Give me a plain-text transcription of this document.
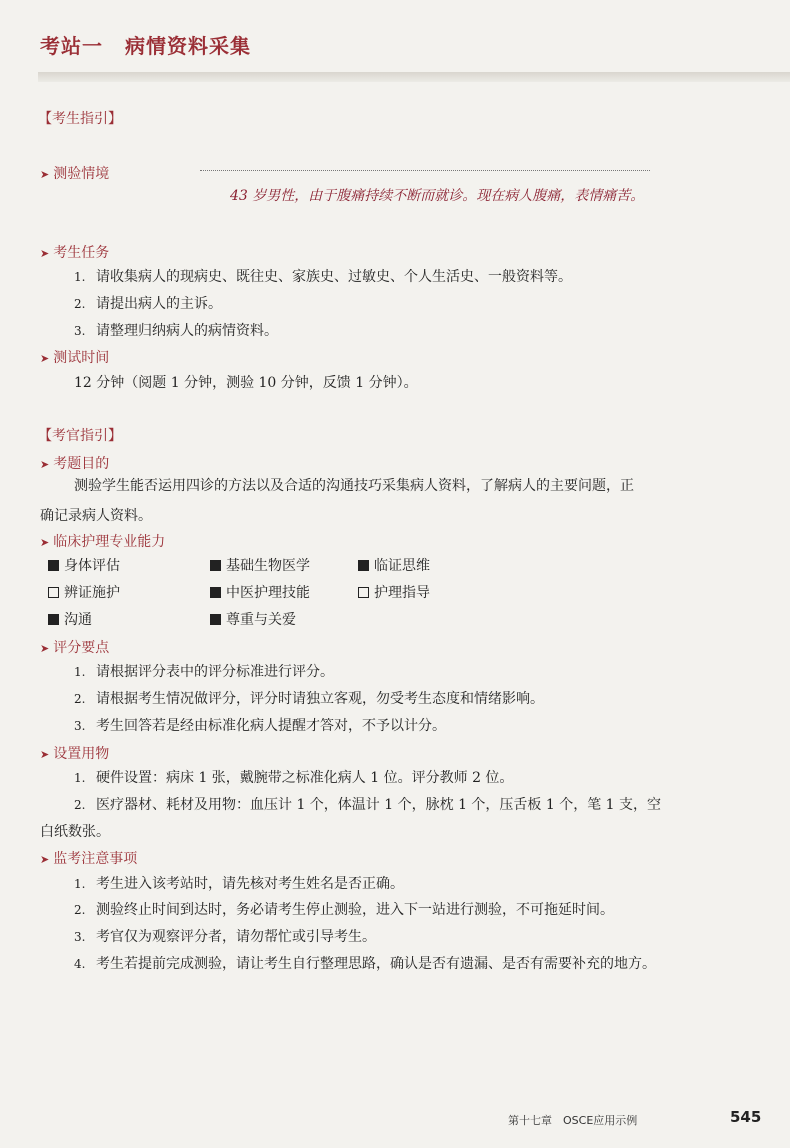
考站一 病情资料采集
【考生指引】
➤ 测验情境
43 岁男性，由于腹痛持续不断而就诊。现在病人腹痛，表情痛苦。
➤ 考生任务
1. 请收集病人的现病史、既往史、家族史、过敏史、个人生活史、一般资料等。
2. 请提出病人的主诉。
3. 请整理归纳病人的病情资料。
➤ 测试时间
12 分钟（阅题 1 分钟，测验 10 分钟，反馈 1 分钟）。
【考官指引】
➤ 考题目的
测验学生能否运用四诊的方法以及合适的沟通技巧采集病人资料，了解病人的主要问题，正
确记录病人资料。
➤ 临床护理专业能力
身体评估	基础生物医学	临证思维
辨证施护	中医护理技能	护理指导
沟通	尊重与关爱
➤ 评分要点
1. 请根据评分表中的评分标准进行评分。
2. 请根据考生情况做评分，评分时请独立客观，勿受考生态度和情绪影响。
3. 考生回答若是经由标准化病人提醒才答对，不予以计分。
➤ 设置用物
1. 硬件设置：病床 1 张，戴腕带之标准化病人 1 位。评分教师 2 位。
2. 医疗器材、耗材及用物：血压计 1 个，体温计 1 个，脉枕 1 个，压舌板 1 个，笔 1 支，空
白纸数张。
➤ 监考注意事项
1. 考生进入该考站时，请先核对考生姓名是否正确。
2. 测验终止时间到达时，务必请考生停止测验，进入下一站进行测验，不可拖延时间。
3. 考官仅为观察评分者，请勿帮忙或引导考生。
4. 考生若提前完成测验，请让考生自行整理思路，确认是否有遗漏、是否有需要补充的地方。
第十七章　OSCE应用示例	545
